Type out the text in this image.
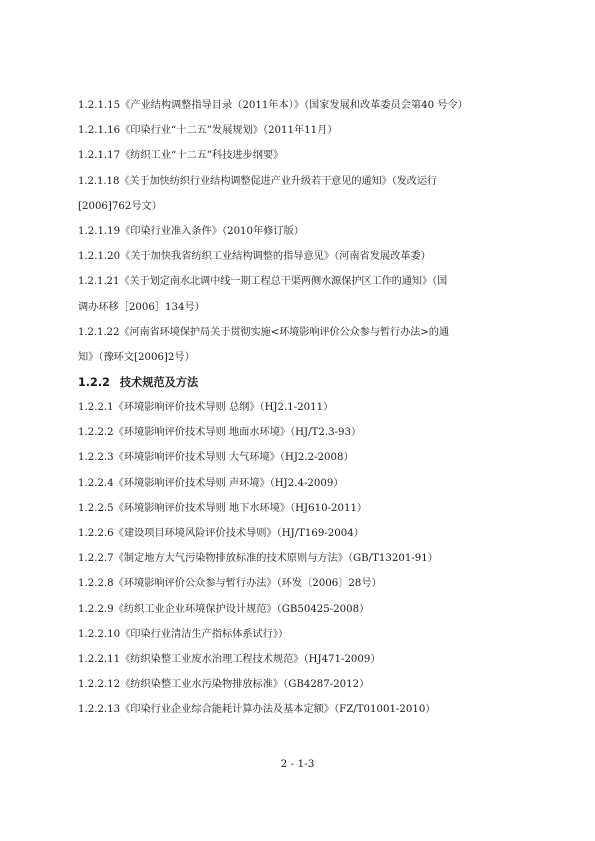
1.2.1.15《产业结构调整指导目录（2011年本）》（国家发展和改革委员会第40 号令）
1.2.1.16《印染行业“十二五”发展规划》（2011年11月）
1.2.1.17《纺织工业“十二五”科技进步纲要》
1.2.1.18《关于加快纺织行业结构调整促进产业升级若干意见的通知》（发改运行
[2006]762号文）
1.2.1.19《印染行业准入条件》（2010年修订版）
1.2.1.20《关于加快我省纺织工业结构调整的指导意见》（河南省发展改革委）
1.2.1.21《关于划定南水北调中线一期工程总干渠两侧水源保护区工作的通知》（国
调办环移［2006］134号）
1.2.1.22《河南省环境保护局关于贯彻实施<环境影响评价公众参与暂行办法>的通
知》（豫环文[2006]2号）
1.2.2 技术规范及方法
1.2.2.1《环境影响评价技术导则 总纲》（HJ2.1-2011）
1.2.2.2《环境影响评价技术导则 地面水环境》（HJ/T2.3-93）
1.2.2.3《环境影响评价技术导则 大气环境》（HJ2.2-2008）
1.2.2.4《环境影响评价技术导则 声环境》（HJ2.4-2009）
1.2.2.5《环境影响评价技术导则 地下水环境》（HJ610-2011）
1.2.2.6《建设项目环境风险评价技术导则》（HJ/T169-2004）
1.2.2.7《制定地方大气污染物排放标准的技术原则与方法》（GB/T13201-91）
1.2.2.8《环境影响评价公众参与暂行办法》（环发〔2006〕28号）
1.2.2.9《纺织工业企业环境保护设计规范》（GB50425-2008）
1.2.2.10《印染行业清洁生产指标体系试行》）
1.2.2.11《纺织染整工业废水治理工程技术规范》（HJ471-2009）
1.2.2.12《纺织染整工业水污染物排放标准》（GB4287-2012）
1.2.2.13《印染行业企业综合能耗计算办法及基本定额》（FZ/T01001-2010）
2 - 1-3
